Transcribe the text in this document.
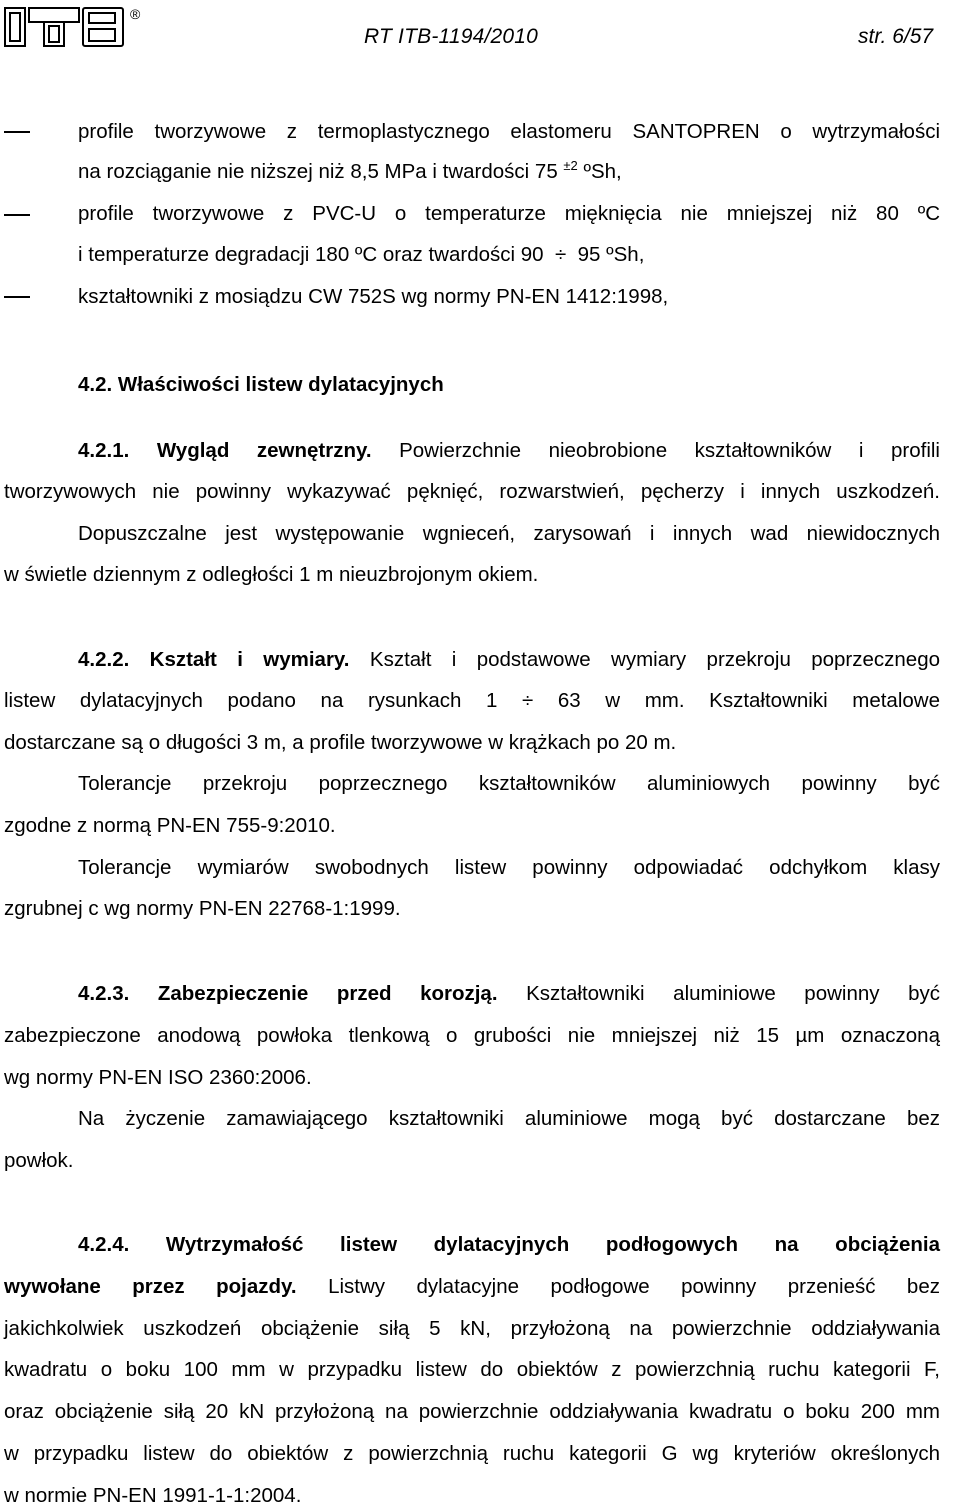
®
RT ITB-1194/2010	str. 6/57
profile tworzywowe z termoplastycznego elastomeru SANTOPREN o wytrzymałości
na rozciąganie nie niższej niż 8,5 MPa i twardości 75 $^{\pm 2}$ ºSh,
profile tworzywowe z PVC-U o temperaturze mięknięcia nie mniejszej niż 80 ºC
i temperaturze degradacji 180 ºC oraz twardości 90 ÷ 95 ºSh,
kształtowniki z mosiądzu CW 752S wg normy PN-EN 1412:1998,
4.2. Właściwości listew dylatacyjnych
4.2.1. Wygląd zewnętrzny. Powierzchnie nieobrobione kształtowników i profili
tworzywowych nie powinny wykazywać pęknięć, rozwarstwień, pęcherzy i innych uszkodzeń.
Dopuszczalne jest występowanie wgnieceń, zarysowań i innych wad niewidocznych
w świetle dziennym z odległości 1 m nieuzbrojonym okiem.
4.2.2. Kształt i wymiary. Kształt i podstawowe wymiary przekroju poprzecznego
listew dylatacyjnych podano na rysunkach 1 ÷ 63 w mm. Kształtowniki metalowe
dostarczane są o długości 3 m, a profile tworzywowe w krążkach po 20 m.
Tolerancje przekroju poprzecznego kształtowników aluminiowych powinny być
zgodne z normą PN-EN 755-9:2010.
Tolerancje wymiarów swobodnych listew powinny odpowiadać odchyłkom klasy
zgrubnej c wg normy PN-EN 22768-1:1999.
4.2.3. Zabezpieczenie przed korozją. Kształtowniki aluminiowe powinny być
zabezpieczone anodową powłoka tlenkową o grubości nie mniejszej niż 15 µm oznaczoną
wg normy PN-EN ISO 2360:2006.
Na życzenie zamawiającego kształtowniki aluminiowe mogą być dostarczane bez
powłok.
4.2.4. Wytrzymałość listew dylatacyjnych podłogowych na obciążenia
wywołane przez pojazdy. Listwy dylatacyjne podłogowe powinny przenieść bez
jakichkolwiek uszkodzeń obciążenie siłą 5 kN, przyłożoną na powierzchnie oddziaływania
kwadratu o boku 100 mm w przypadku listew do obiektów z powierzchnią ruchu kategorii F,
oraz obciążenie siłą 20 kN przyłożoną na powierzchnie oddziaływania kwadratu o boku 200 mm
w przypadku listew do obiektów z powierzchnią ruchu kategorii G wg kryteriów określonych
w normie PN-EN 1991-1-1:2004.
